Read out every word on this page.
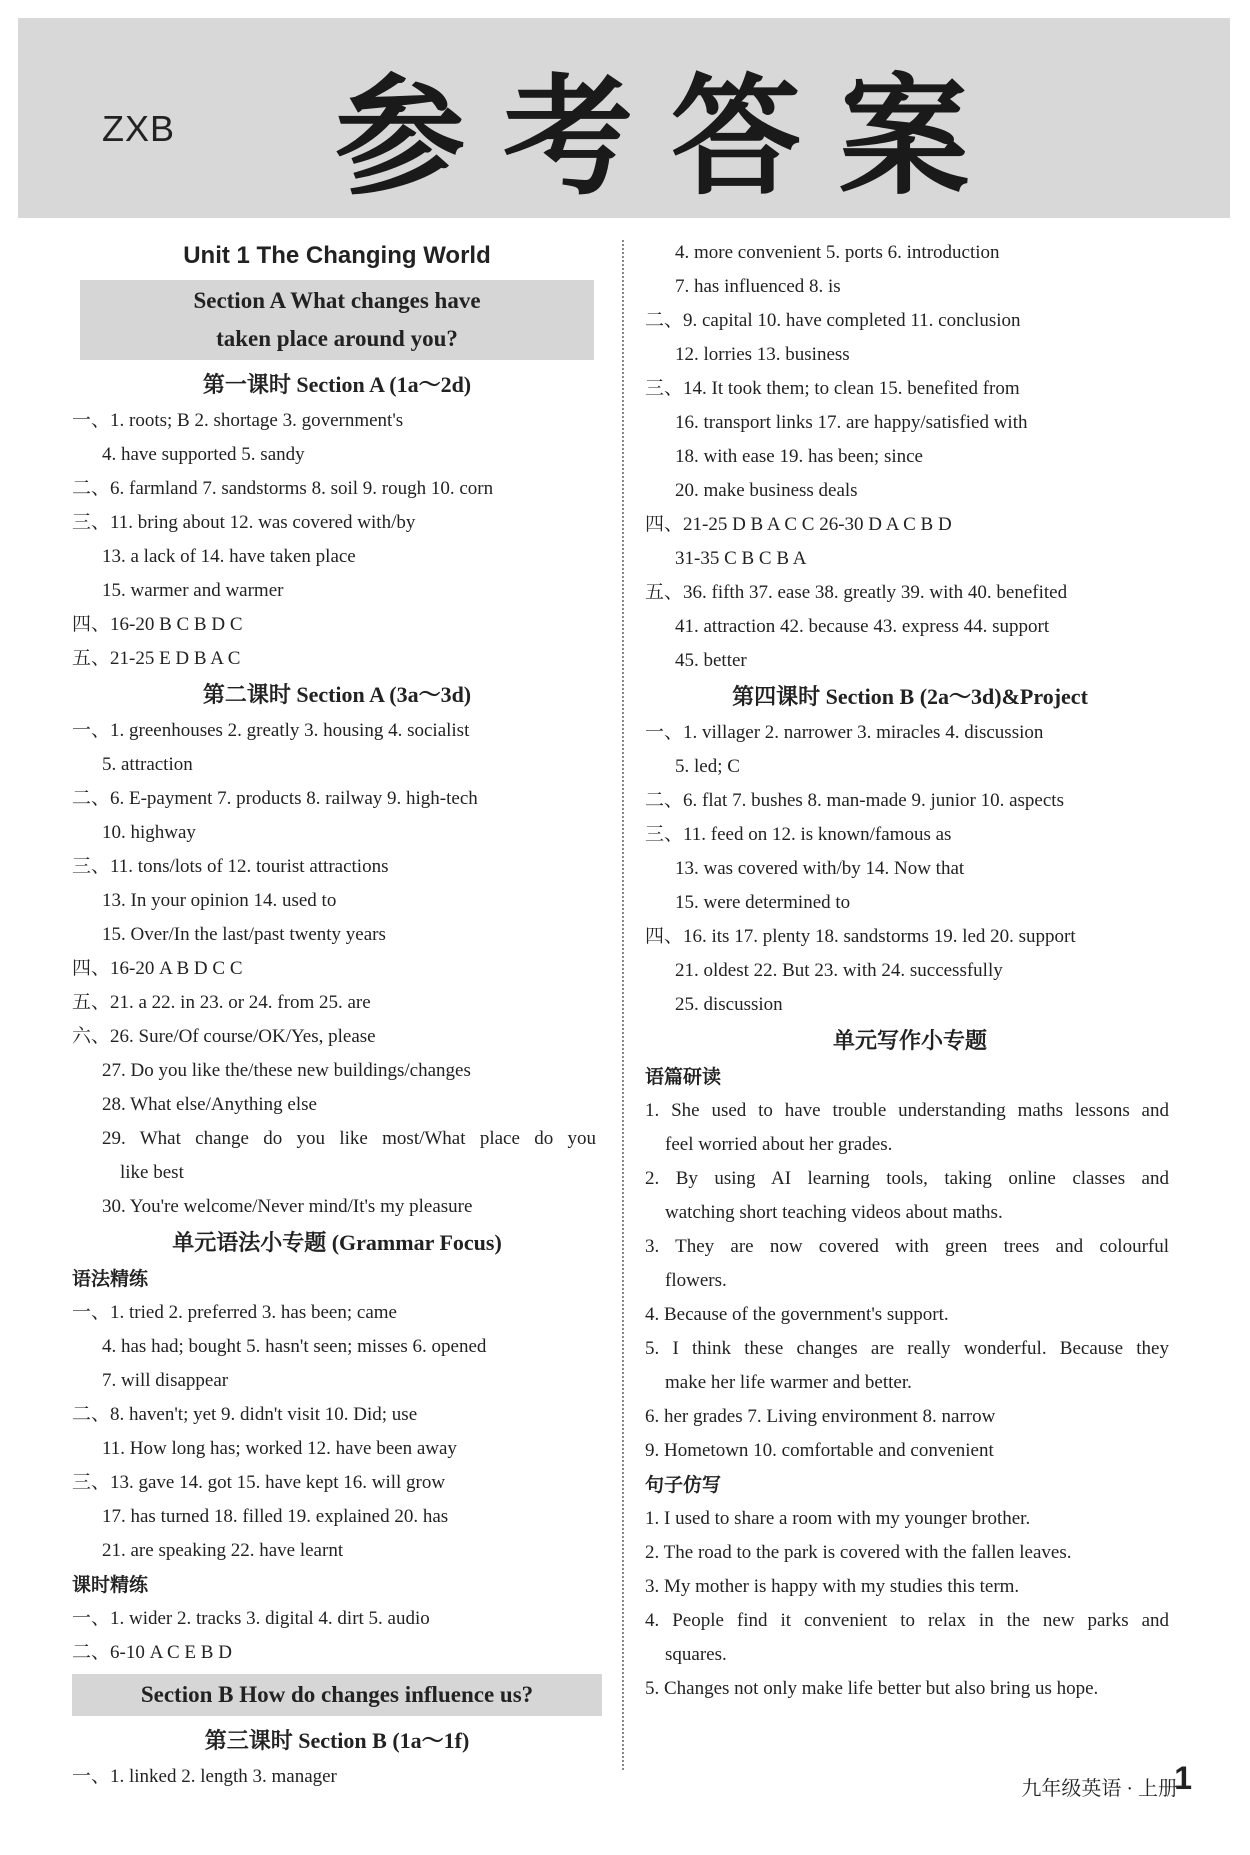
ZXB 参考答案
Unit 1 The Changing World
Section A What changes have
taken place around you?
第一课时 Section A (1a～2d)
一、1. roots; B 2. shortage 3. government's
4. have supported 5. sandy
二、6. farmland 7. sandstorms 8. soil 9. rough 10. corn
三、11. bring about 12. was covered with/by
13. a lack of 14. have taken place
15. warmer and warmer
四、16-20 B C B D C
五、21-25 E D B A C
第二课时 Section A (3a～3d)
一、1. greenhouses 2. greatly 3. housing 4. socialist
5. attraction
二、6. E-payment 7. products 8. railway 9. high-tech
10. highway
三、11. tons/lots of 12. tourist attractions
13. In your opinion 14. used to
15. Over/In the last/past twenty years
四、16-20 A B D C C
五、21. a 22. in 23. or 24. from 25. are
六、26. Sure/Of course/OK/Yes, please
27. Do you like the/these new buildings/changes
28. What else/Anything else
29. What change do you like most/What place do you
like best
30. You're welcome/Never mind/It's my pleasure
单元语法小专题 (Grammar Focus)
语法精练
一、1. tried 2. preferred 3. has been; came
4. has had; bought 5. hasn't seen; misses 6. opened
7. will disappear
二、8. haven't; yet 9. didn't visit 10. Did; use
11. How long has; worked 12. have been away
三、13. gave 14. got 15. have kept 16. will grow
17. has turned 18. filled 19. explained 20. has
21. are speaking 22. have learnt
课时精练
一、1. wider 2. tracks 3. digital 4. dirt 5. audio
二、6-10 A C E B D
Section B How do changes influence us?
第三课时 Section B (1a～1f)
一、1. linked 2. length 3. manager
4. more convenient 5. ports 6. introduction
7. has influenced 8. is
二、9. capital 10. have completed 11. conclusion
12. lorries 13. business
三、14. It took them; to clean 15. benefited from
16. transport links 17. are happy/satisfied with
18. with ease 19. has been; since
20. make business deals
四、21-25 D B A C C 26-30 D A C B D
31-35 C B C B A
五、36. fifth 37. ease 38. greatly 39. with 40. benefited
41. attraction 42. because 43. express 44. support
45. better
第四课时 Section B (2a～3d)&Project
一、1. villager 2. narrower 3. miracles 4. discussion
5. led; C
二、6. flat 7. bushes 8. man-made 9. junior 10. aspects
三、11. feed on 12. is known/famous as
13. was covered with/by 14. Now that
15. were determined to
四、16. its 17. plenty 18. sandstorms 19. led 20. support
21. oldest 22. But 23. with 24. successfully
25. discussion
单元写作小专题
语篇研读
1. She used to have trouble understanding maths lessons and
feel worried about her grades.
2. By using AI learning tools, taking online classes and
watching short teaching videos about maths.
3. They are now covered with green trees and colourful
flowers.
4. Because of the government's support.
5. I think these changes are really wonderful. Because they
make her life warmer and better.
6. her grades 7. Living environment 8. narrow
9. Hometown 10. comfortable and convenient
句子仿写
1. I used to share a room with my younger brother.
2. The road to the park is covered with the fallen leaves.
3. My mother is happy with my studies this term.
4. People find it convenient to relax in the new parks and
squares.
5. Changes not only make life better but also bring us hope.
九年级英语 · 上册
1
